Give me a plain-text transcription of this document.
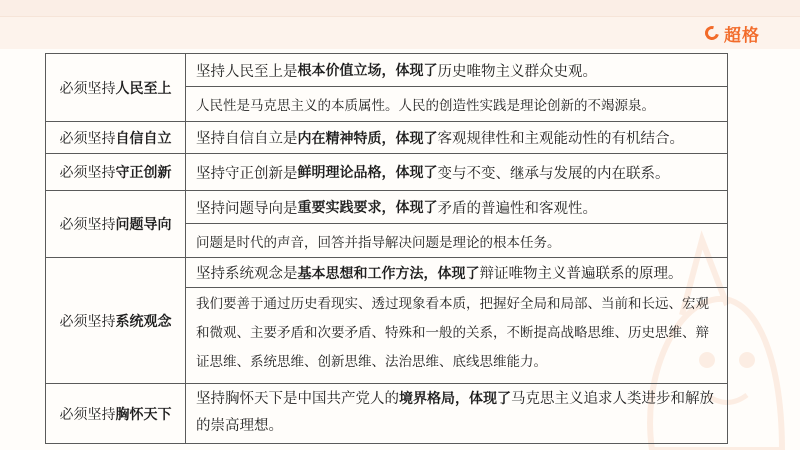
超格
必须坚持 人民至上
坚持人民至上是 根本价值立场，体现了 历史唯物主义群众史观。
人民性是马克思主义的本质属性。人民的创造性实践是理论创新的不竭源泉。
必须坚持 自信自立 坚持自信自立是 内在精神特质，体现了 客观规律性和主观能动性的有机结合。
必须坚持 守正创新 坚持守正创新是 鲜明理论品格，体现了 变与不变、继承与发展的内在联系。
必须坚持 问题导向
坚持问题导向是 重要实践要求，体现了 矛盾的普遍性和客观性。
问题是时代的声音，回答并指导解决问题是理论的根本任务。
必须坚持 系统观念
坚持系统观念是 基本思想和工作方法，体现了 辩证唯物主义普遍联系的原理。
我们要善于通过历史看现实、透过现象看本质，把握好全局和局部、当前和长远、宏观和微观、主要矛盾和次要矛盾、特殊和一般的关系，不断提高战略思维、历史思维、辩证思维、系统思维、创新思维、法治思维、底线思维能力。
必须坚持 胸怀天下
坚持胸怀天下是中国共产党人的境界格局，体现了马克思主义追求人类进步和解放的崇高理想。
